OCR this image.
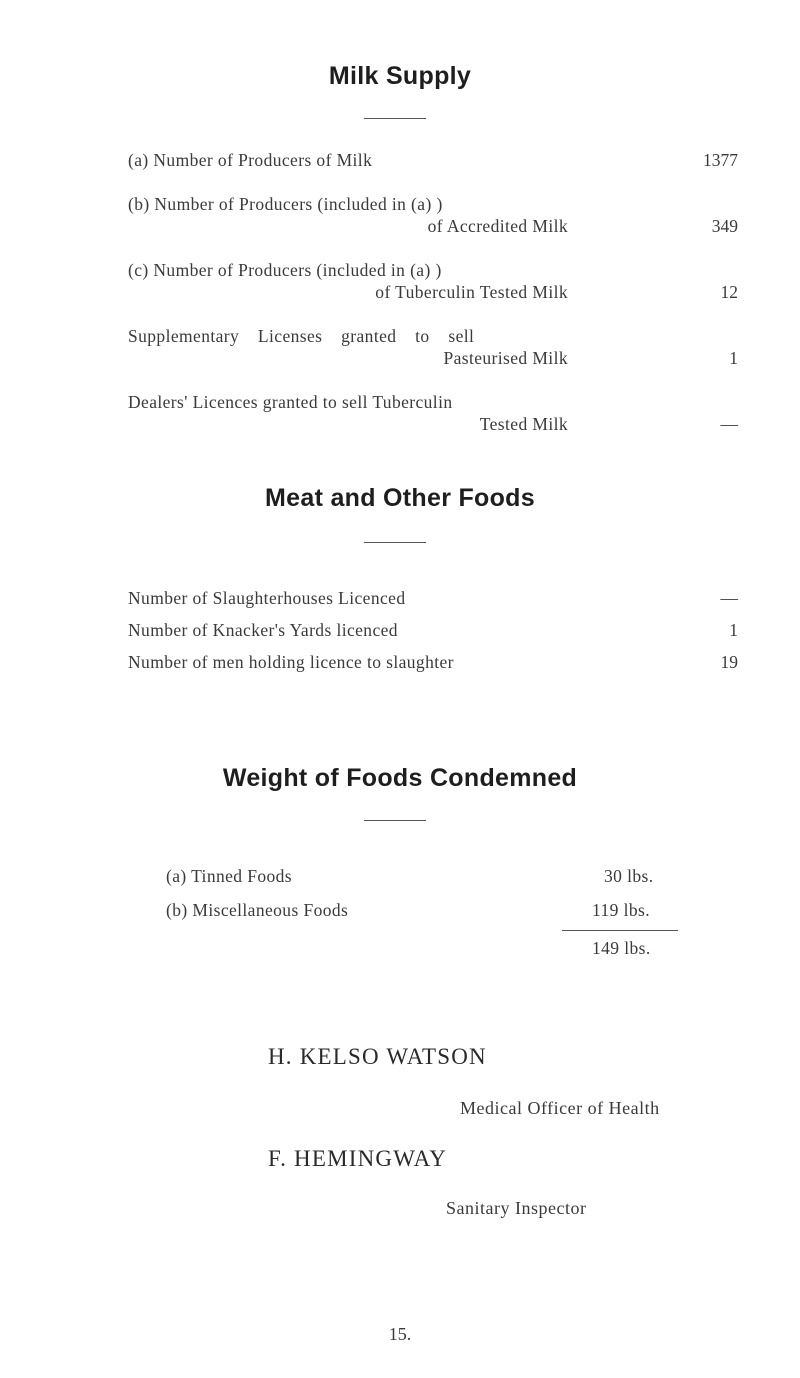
Milk Supply
(a) Number of Producers of Milk	1377
(b) Number of Producers (included in (a) )
of Accredited Milk	349
(c) Number of Producers (included in (a) )
of Tuberculin Tested Milk	12
Supplementary Licenses granted to sell
Pasteurised Milk	1
Dealers' Licences granted to sell Tuberculin
Tested Milk	—
Meat and Other Foods
Number of Slaughterhouses Licenced	—
Number of Knacker's Yards licenced	1
Number of men holding licence to slaughter	19
Weight of Foods Condemned
(a) Tinned Foods	30 lbs.
(b) Miscellaneous Foods	119 lbs.
149 lbs.
H. KELSO WATSON
Medical Officer of Health
F. HEMINGWAY
Sanitary Inspector
15.
